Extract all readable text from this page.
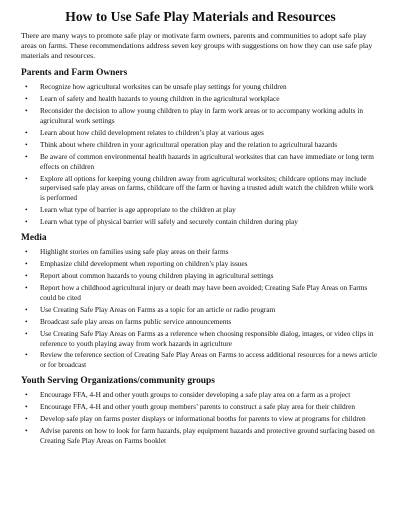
How to Use Safe Play Materials and Resources

There are many ways to promote safe play or motivate farm owners, parents and communities to adopt safe play areas on farms. These recommendations address seven key groups with suggestions on how they can use safe play materials and resources.

Parents and Farm Owners
• Recognize how agricultural worksites can be unsafe play settings for young children
• Learn of safety and health hazards to young children in the agricultural workplace
• Reconsider the decision to allow young children to play in farm work areas or to accompany working adults in agricultural work settings
• Learn about how child development relates to children’s play at various ages
• Think about where children in your agricultural operation play and the relation to agricultural hazards
• Be aware of common environmental health hazards in agricultural worksites that can have immediate or long term effects on children
• Explore all options for keeping young children away from agricultural worksites; childcare options may include supervised safe play areas on farms, childcare off the farm or having a trusted adult watch the children while work is performed
• Learn what type of barrier is age appropriate to the children at play
• Learn what type of physical barrier will safely and securely contain children during play
Media
• Highlight stories on families using safe play areas on their farms
• Emphasize child development when reporting on children’s play issues
• Report about common hazards to young children playing in agricultural settings
• Report how a childhood agricultural injury or death may have been avoided; Creating Safe Play Areas on Farms could be cited
• Use Creating Safe Play Areas on Farms as a topic for an article or radio program
• Broadcast safe play areas on farms public service announcements
• Use Creating Safe Play Areas on Farms as a reference when choosing responsible dialog, images, or video clips in reference to youth playing away from work hazards in agriculture
• Review the reference section of Creating Safe Play Areas on Farms to access additional resources for a news article or for broadcast
Youth Serving Organizations/community groups
• Encourage FFA, 4-H and other youth groups to consider developing a safe play area on a farm as a project
• Encourage FFA, 4-H and other youth group members’ parents to construct a safe play area for their children
• Develop safe play on farms poster displays or informational booths for parents to view at programs for children
• Advise parents on how to look for farm hazards, play equipment hazards and protective ground surfacing based on Creating Safe Play Areas on Farms booklet
